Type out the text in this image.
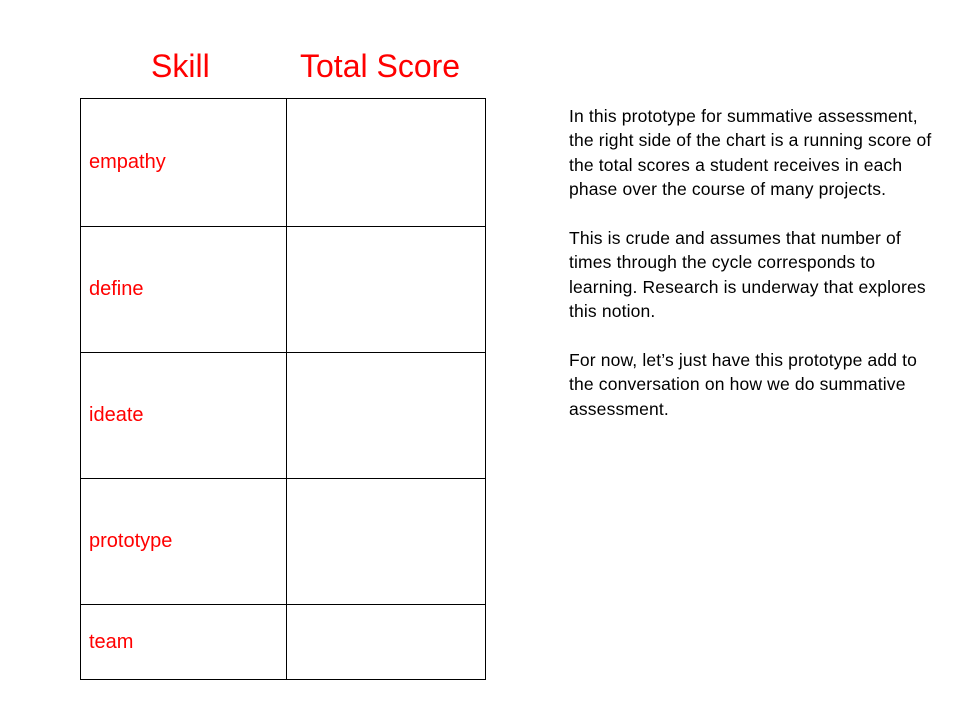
Skill	Total Score
empathy
define
ideate
prototype
team

In this prototype for summative assessment, the right side of the chart is a running score of the total scores a student receives in each phase over the course of many projects.

This is crude and assumes that number of times through the cycle corresponds to learning. Research is underway that explores this notion.

For now, let’s just have this prototype add to the conversation on how we do summative assessment.
